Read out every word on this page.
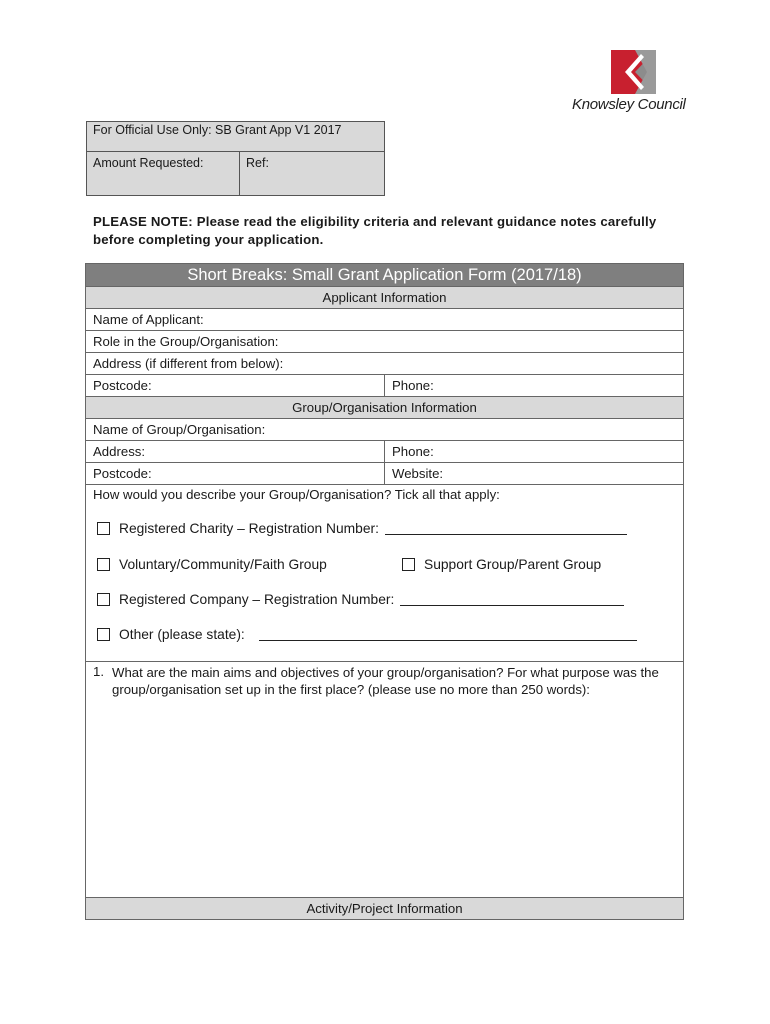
Knowsley Council
For Official Use Only: SB Grant App V1 2017
Amount Requested:	Ref:
PLEASE NOTE: Please read the eligibility criteria and relevant guidance notes carefully before completing your application.
Short Breaks: Small Grant Application Form (2017/18)
Applicant Information
Name of Applicant:
Role in the Group/Organisation:
Address (if different from below):
Postcode:	Phone:
Group/Organisation Information
Name of Group/Organisation:
Address:	Phone:
Postcode:	Website:
How would you describe your Group/Organisation? Tick all that apply:
Registered Charity – Registration Number:
Voluntary/Community/Faith Group	Support Group/Parent Group
Registered Company – Registration Number:
Other (please state):
1. What are the main aims and objectives of your group/organisation? For what purpose was the group/organisation set up in the first place? (please use no more than 250 words):
Activity/Project Information
